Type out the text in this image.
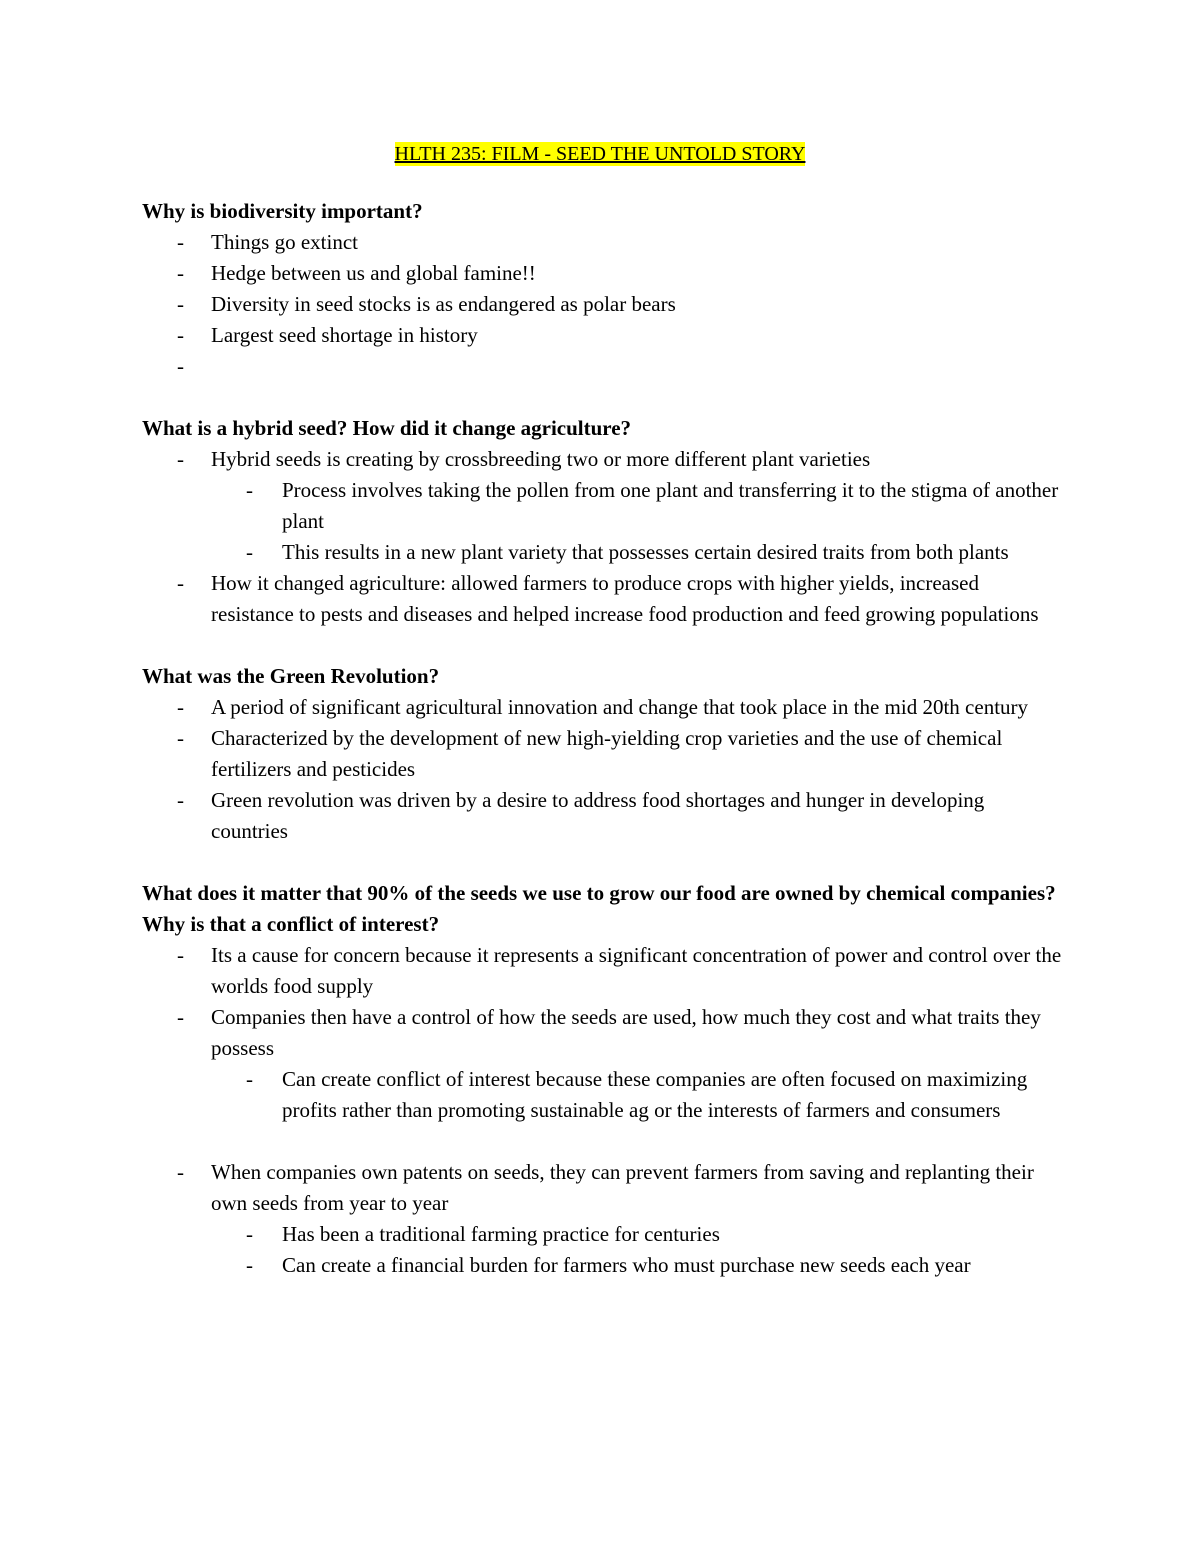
HLTH 235: FILM - SEED THE UNTOLD STORY

Why is biodiversity important?

- Things go extinct
- Hedge between us and global famine!!
- Diversity in seed stocks is as endangered as polar bears
- Largest seed shortage in history
-

What is a hybrid seed? How did it change agriculture?

- Hybrid seeds is creating by crossbreeding two or more different plant varieties
- Process involves taking the pollen from one plant and transferring it to the stigma of another plant
- This results in a new plant variety that possesses certain desired traits from both plants
- How it changed agriculture: allowed farmers to produce crops with higher yields, increased resistance to pests and diseases and helped increase food production and feed growing populations

What was the Green Revolution?

- A period of significant agricultural innovation and change that took place in the mid 20th century
- Characterized by the development of new high-yielding crop varieties and the use of chemical fertilizers and pesticides
- Green revolution was driven by a desire to address food shortages and hunger in developing countries

What does it matter that 90% of the seeds we use to grow our food are owned by chemical companies? Why is that a conflict of interest?

- Its a cause for concern because it represents a significant concentration of power and control over the worlds food supply
- Companies then have a control of how the seeds are used, how much they cost and what traits they possess
- Can create conflict of interest because these companies are often focused on maximizing profits rather than promoting sustainable ag or the interests of farmers and consumers
- When companies own patents on seeds, they can prevent farmers from saving and replanting their own seeds from year to year
- Has been a traditional farming practice for centuries
- Can create a financial burden for farmers who must purchase new seeds each year
